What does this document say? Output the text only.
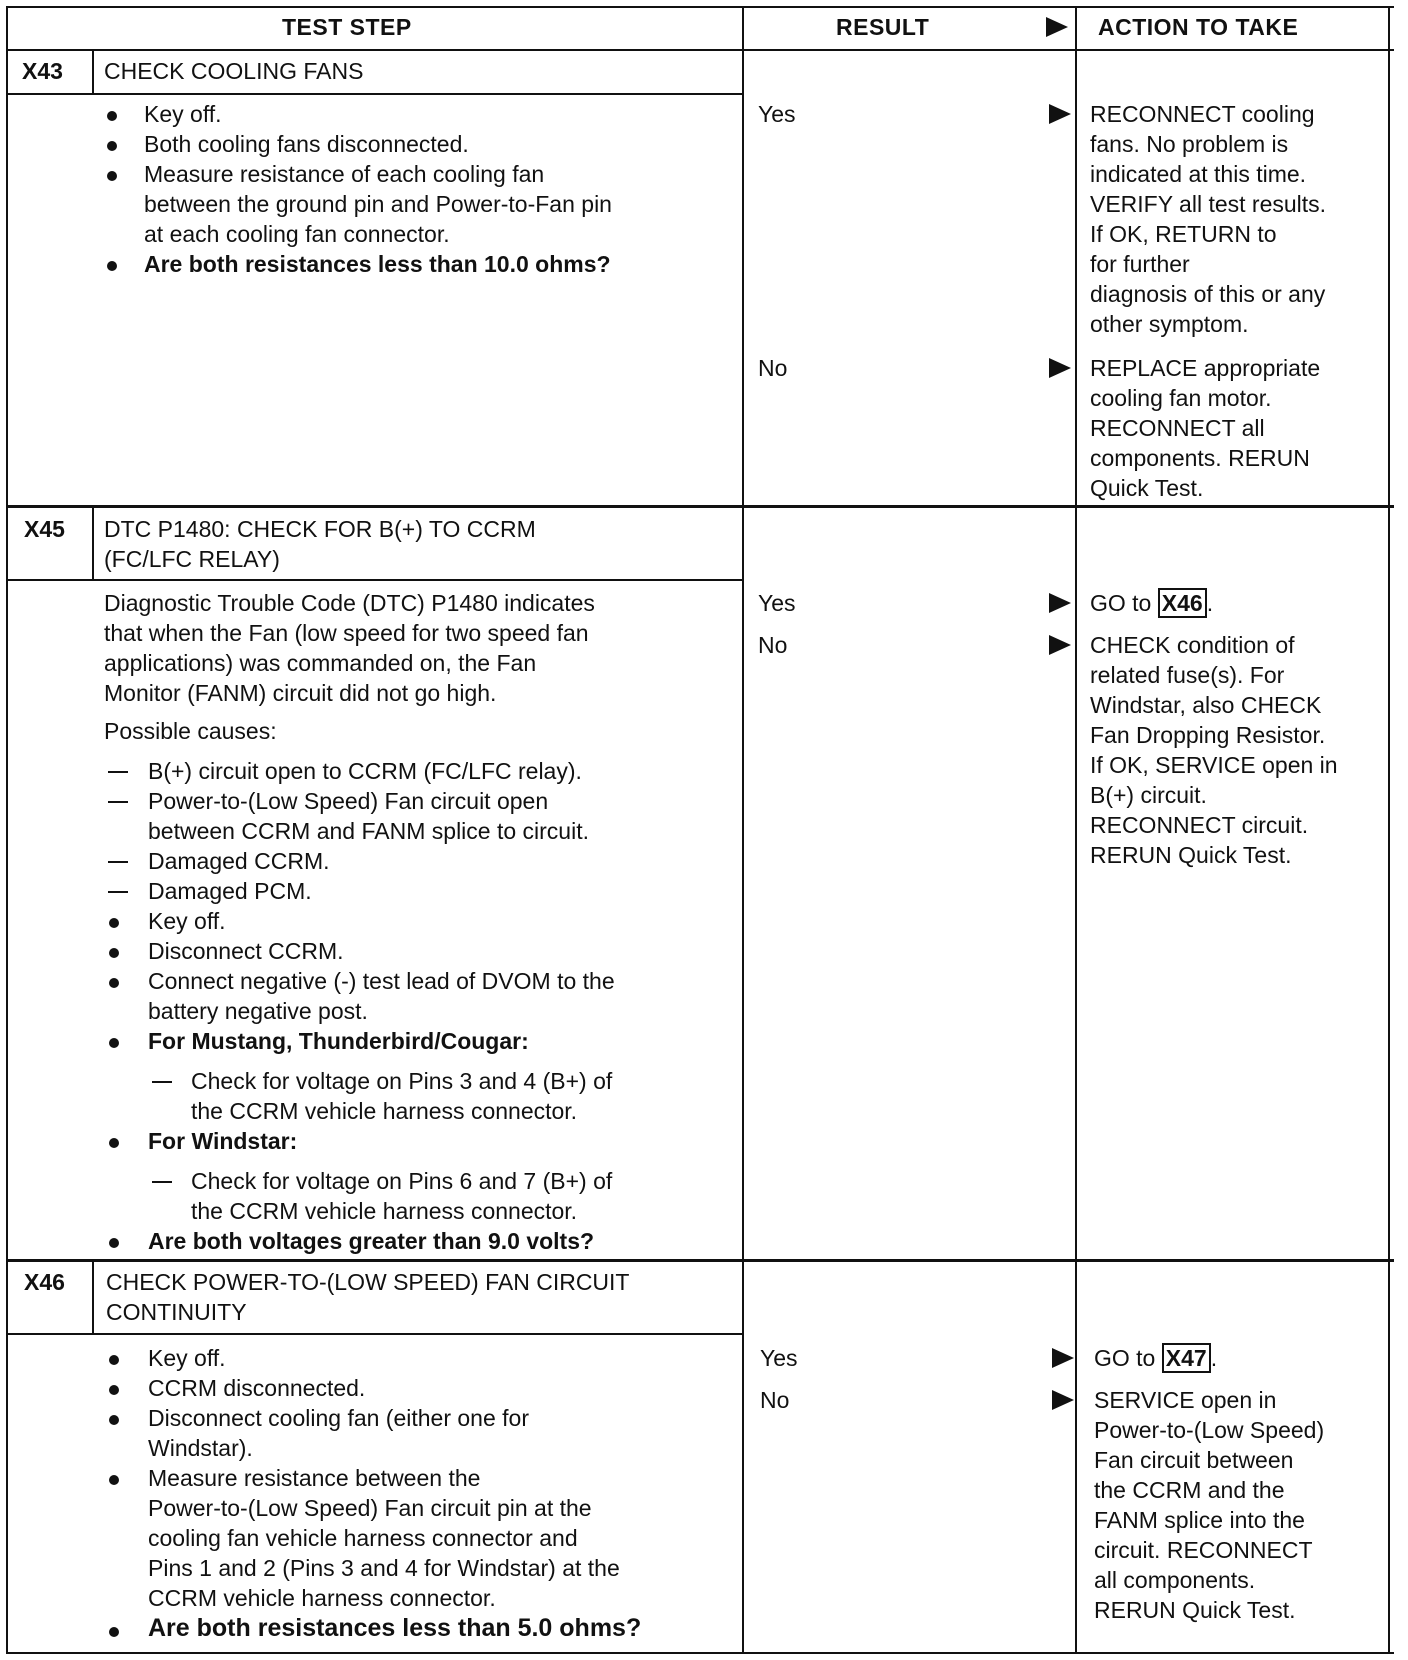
TEST STEP	RESULT	ACTION TO TAKE
X43 CHECK COOLING FANS
Key off.
Both cooling fans disconnected.
Measure resistance of each cooling fan
between the ground pin and Power-to-Fan pin
at each cooling fan connector.
Are both resistances less than 10.0 ohms?
Yes	RECONNECT cooling
fans. No problem is
indicated at this time.
VERIFY all test results.
If OK, RETURN to
for further
diagnosis of this or any
other symptom.
No	REPLACE appropriate
cooling fan motor.
RECONNECT all
components. RERUN
Quick Test.
X45 DTC P1480: CHECK FOR B(+) TO CCRM
(FC/LFC RELAY)
Diagnostic Trouble Code (DTC) P1480 indicates
that when the Fan (low speed for two speed fan
applications) was commanded on, the Fan
Monitor (FANM) circuit did not go high.
Possible causes:
B(+) circuit open to CCRM (FC/LFC relay).
Power-to-(Low Speed) Fan circuit open
between CCRM and FANM splice to circuit.
Damaged CCRM.
Damaged PCM.
Key off.
Disconnect CCRM.
Connect negative (-) test lead of DVOM to the
battery negative post.
For Mustang, Thunderbird/Cougar:
Check for voltage on Pins 3 and 4 (B+) of
the CCRM vehicle harness connector.
For Windstar:
Check for voltage on Pins 6 and 7 (B+) of
the CCRM vehicle harness connector.
Are both voltages greater than 9.0 volts?
Yes	GO to X46 .
No	CHECK condition of
related fuse(s). For
Windstar, also CHECK
Fan Dropping Resistor.
If OK, SERVICE open in
B(+) circuit.
RECONNECT circuit.
RERUN Quick Test.
X46 CHECK POWER-TO-(LOW SPEED) FAN CIRCUIT
CONTINUITY
Key off.
CCRM disconnected.
Disconnect cooling fan (either one for
Windstar).
Measure resistance between the
Power-to-(Low Speed) Fan circuit pin at the
cooling fan vehicle harness connector and
Pins 1 and 2 (Pins 3 and 4 for Windstar) at the
CCRM vehicle harness connector.
Are both resistances less than 5.0 ohms?
Yes	GO to X47 .
No	SERVICE open in
Power-to-(Low Speed)
Fan circuit between
the CCRM and the
FANM splice into the
circuit. RECONNECT
all components.
RERUN Quick Test.
